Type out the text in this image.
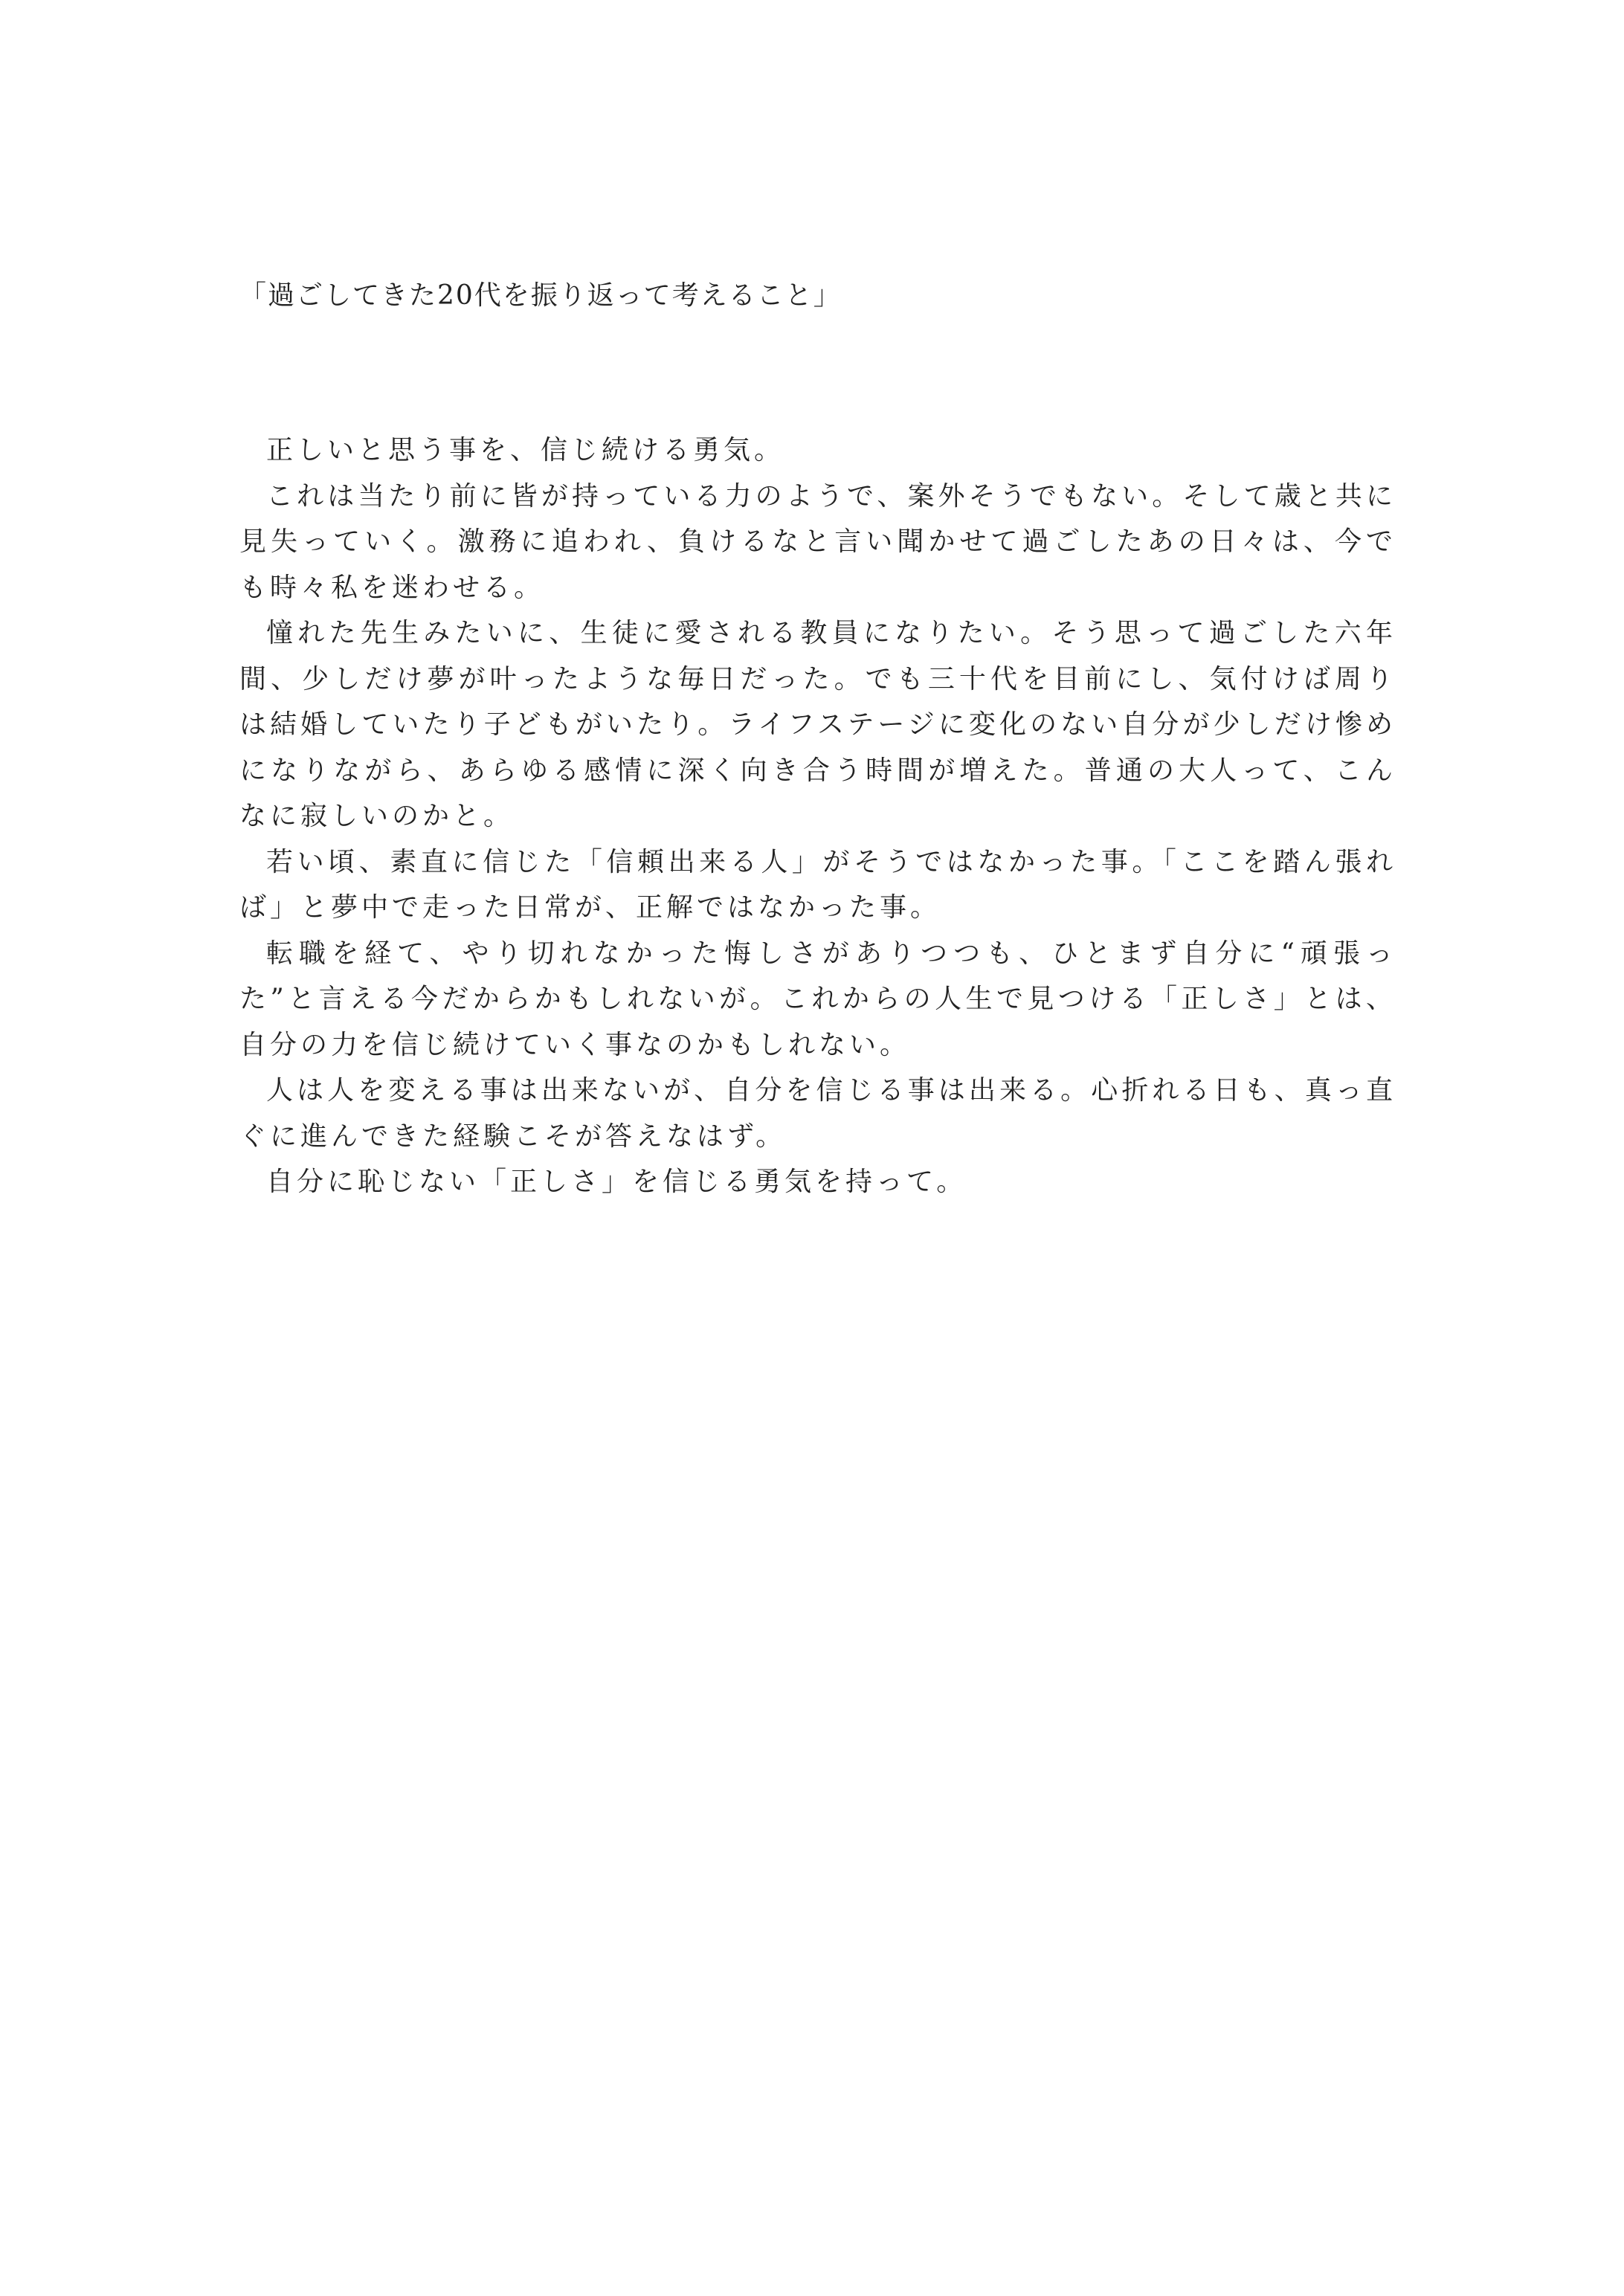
「過ごしてきた20代を振り返って考えること」

正しいと思う事を、信じ続ける勇気。

これは当たり前に皆が持っている力のようで、案外そうでもない。そして歳と共に見失っていく。激務に追われ、負けるなと言い聞かせて過ごしたあの日々は、今でも時々私を迷わせる。

憧れた先生みたいに、生徒に愛される教員になりたい。そう思って過ごした六年間、少しだけ夢が叶ったような毎日だった。でも三十代を目前にし、気付けば周りは結婚していたり子どもがいたり。ライフステージに変化のない自分が少しだけ惨めになりながら、あらゆる感情に深く向き合う時間が増えた。普通の大人って、こんなに寂しいのかと。

若い頃、素直に信じた「信頼出来る人」がそうではなかった事。「ここを踏ん張れば」と夢中で走った日常が、正解ではなかった事。

転職を経て、やり切れなかった悔しさがありつつも、ひとまず自分に“頑張った”と言える今だからかもしれないが。これからの人生で見つける「正しさ」とは、自分の力を信じ続けていく事なのかもしれない。

人は人を変える事は出来ないが、自分を信じる事は出来る。心折れる日も、真っ直ぐに進んできた経験こそが答えなはず。

自分に恥じない「正しさ」を信じる勇気を持って。
